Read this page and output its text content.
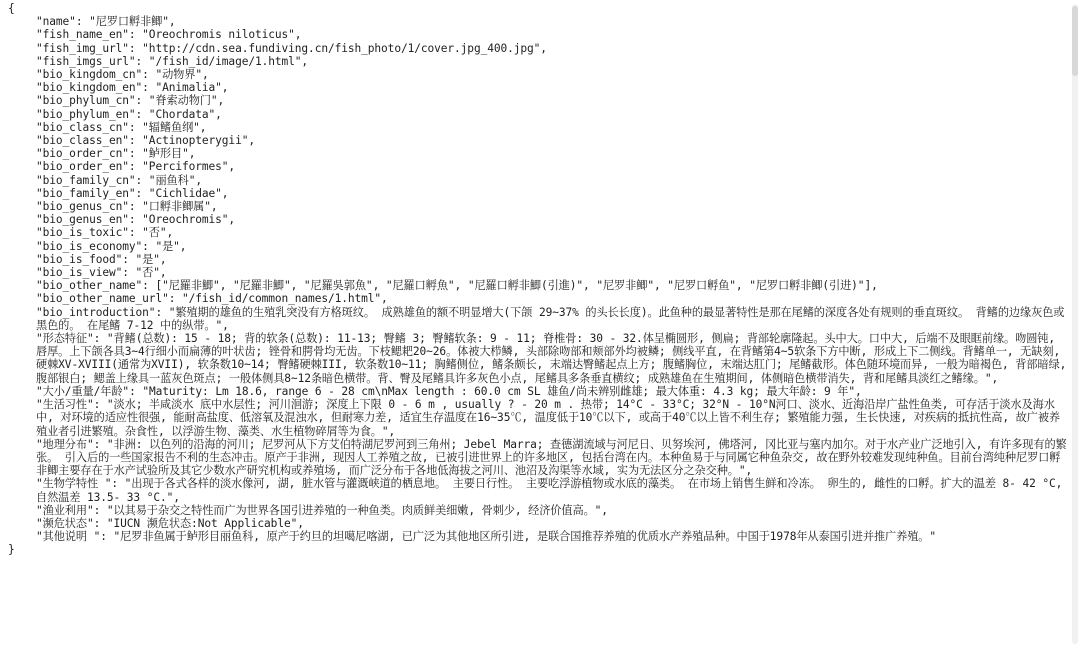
{
"name": "尼罗口孵非鲫",
"fish_name_en": "Oreochromis niloticus",
"fish_img_url": "http://cdn.sea.fundiving.cn/fish_photo/1/cover.jpg_400.jpg",
"fish_imgs_url": "/fish_id/image/1.html",
"bio_kingdom_cn": "动物界",
"bio_kingdom_en": "Animalia",
"bio_phylum_cn": "脊索动物门",
"bio_phylum_en": "Chordata",
"bio_class_cn": "辐鳍鱼纲",
"bio_class_en": "Actinopterygii",
"bio_order_cn": "鲈形目",
"bio_order_en": "Perciformes",
"bio_family_cn": "丽鱼科",
"bio_family_en": "Cichlidae",
"bio_genus_cn": "口孵非鲫属",
"bio_genus_en": "Oreochromis",
"bio_is_toxic": "否",
"bio_is_economy": "是",
"bio_is_food": "是",
"bio_is_view": "否",
"bio_other_name": ["尼羅非鯽", "尼羅非鯽", "尼羅吳郭魚", "尼羅口孵魚", "尼羅口孵非鯽(引進)", "尼罗非鲫", "尼罗口孵鱼", "尼罗口孵非鲫(引进)"],
"bio_other_name_url": "/fish_id/common_names/1.html",
"bio_introduction": "繁殖期的雄鱼的生殖乳突没有方格斑纹。 成熟雄鱼的额不明显增大(下颌 29~37% 的头长长度)。此鱼种的最显著特性是那在尾鳍的深度各处有规则的垂直斑纹。 背鳍的边缘灰色或黑色的。 在尾鳍 7-12 中的纵带。",
"形态特征": "背鳍(总数): 15 - 18; 背的软条(总数): 11-13; 臀鳍 3; 臀鳍软条: 9 - 11; 脊椎骨: 30 - 32.体呈椭圆形, 侧扁; 背部轮廓隆起。头中大。口中大, 后端不及眼眶前缘。吻圆钝, 唇厚。上下颌各具3~4行细小而扁薄的叶状齿; 锉骨和腭骨均无齿。下枝鳃耙20~26。体被大栉鳞, 头部除吻部和颊部外均被鳞; 侧线平直, 在背鳍第4~5软条下方中断, 形成上下二侧线。背鳍单一, 无缺刻, 硬棘XV-XVIII(通常为XVII), 软条数10~14; 臀鳍硬棘III, 软条数10~11; 胸鳍侧位, 鳍条颇长, 末端达臀鳍起点上方; 腹鳍胸位, 末端达肛门; 尾鳍截形。体色随环境而异, 一般为暗褐色, 背部暗绿, 腹部银白; 鳃盖上缘具一蓝灰色斑点; 一般体侧具8~12条暗色横带。背、臀及尾鳍具许多灰色小点, 尾鳍具多条垂直横纹; 成熟雄鱼在生殖期间, 体侧暗色横带消失, 背和尾鳍具淡红之鳍缘。",
"大小/重量/年龄": "Maturity: Lm 18.6, range 6 - 28 cm\nMax length : 60.0 cm SL 雄鱼/尚未辨别雌雄; 最大体重: 4.3 kg; 最大年龄: 9 年",
"生活习性": "淡水; 半咸淡水 底中水层性; 河川洄游; 深度上下限 0 - 6 m , usually ? - 20 m . 热带; 14°C - 33°C; 32°N - 10°N河口、淡水、近海沿岸广盐性鱼类, 可存活于淡水及海水中, 对环境的适应性很强, 能耐高盐度、低溶氧及混浊水, 但耐寒力差, 适宜生存温度在16~35℃, 温度低于10℃以下, 或高于40℃以上皆不利生存; 繁殖能力强, 生长快速, 对疾病的抵抗性高, 故广被养殖业者引进繁殖。杂食性, 以浮游生物、藻类、水生植物碎屑等为食。",
"地理分布": "非洲: 以色列的沿海的河川; 尼罗河从下方艾伯特湖尼罗河到三角州; Jebel Marra; 查德湖流域与河尼日、贝努埃河, 佛塔河, 冈比亚与塞内加尔。对于水产业广泛地引入, 有许多现有的繁张。 引入后的一些国家报告不利的生态冲击。原产于非洲, 现因人工养殖之故, 已被引进世界上的许多地区, 包括台湾在内。本种鱼易于与同属它种鱼杂交, 故在野外较难发现纯种鱼。目前台湾纯种尼罗口孵非鲫主要存在于水产试验所及其它少数水产研究机构或养殖场, 而广泛分布于各地低海拔之河川、池沼及沟渠等水域, 实为无法区分之杂交种。",
"生物学特性 ": "出现于各式各样的淡水像河, 湖, 脏水管与灌溉峡道的栖息地。 主要日行性。 主要吃浮游植物或水底的藻类。 在市场上销售生鲜和冷冻。 卵生的, 雌性的口孵。扩大的温差 8- 42 °C, 自然温差 13.5- 33 °C.",
"渔业利用": "以其易于杂交之特性而广为世界各国引进养殖的一种鱼类。肉质鲜美细嫩, 骨刺少, 经济价值高。",
"濒危状态": "IUCN 濒危状态:Not Applicable",
"其他说明 ": "尼罗非鱼属于鲈形目丽鱼科, 原产于约旦的坦噶尼喀湖, 已广泛为其他地区所引进, 是联合国推荐养殖的优质水产养殖品种。中国于1978年从泰国引进并推广养殖。"
}
